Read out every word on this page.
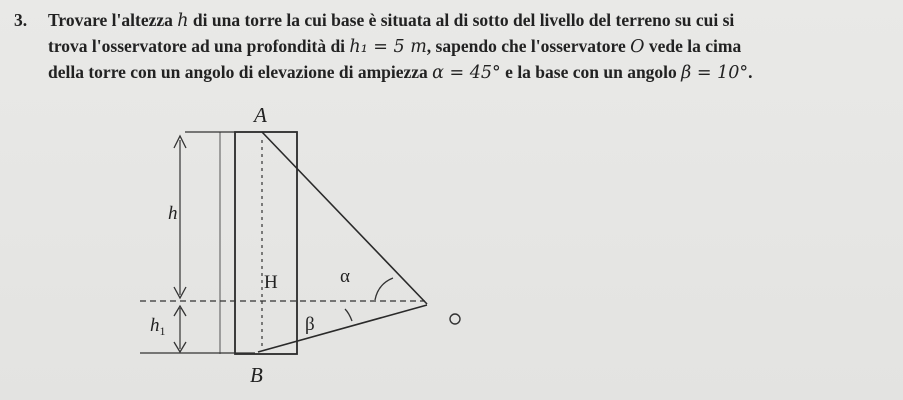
3. Trovare l'altezza h di una torre la cui base è situata al di sotto del livello del terreno su cui si
trova l'osservatore ad una profondità di h₁ = 5 m, sapendo che l'osservatore O vede la cima
della torre con un angolo di elevazione di ampiezza α = 45° e la base con un angolo β = 10°.
A
B
H
h
$h_1$
α
β
